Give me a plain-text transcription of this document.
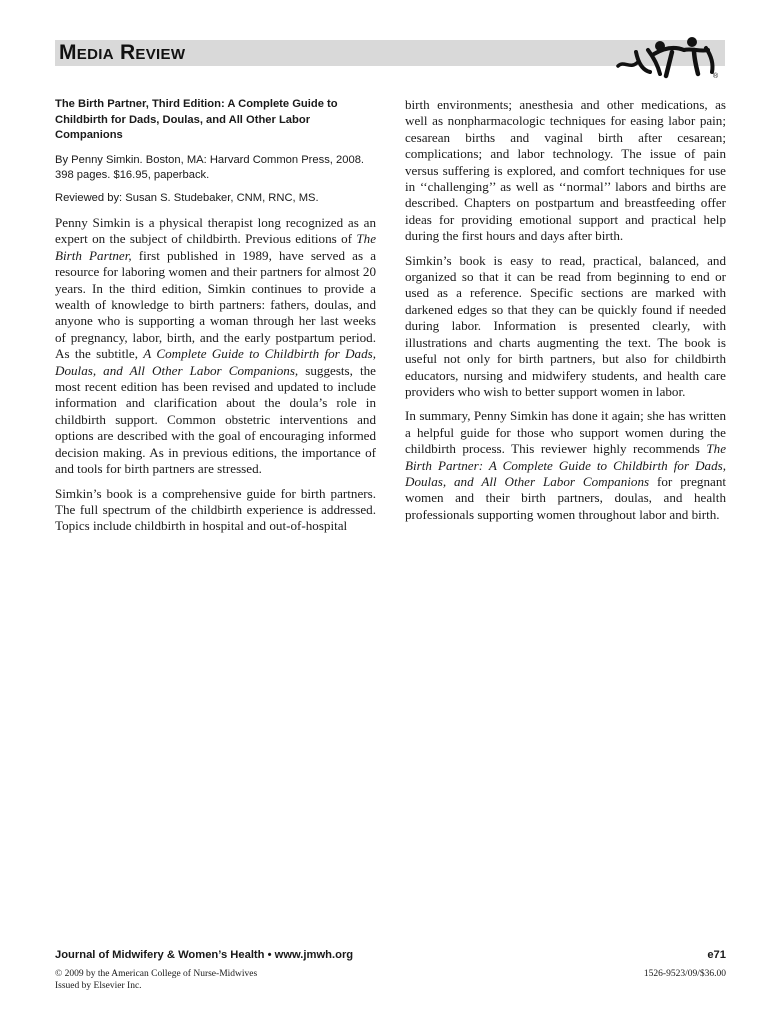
Media Review
®
The Birth Partner, Third Edition: A Complete Guide to Childbirth for Dads, Doulas, and All Other Labor Companions
By Penny Simkin. Boston, MA: Harvard Common Press, 2008. 398 pages. $16.95, paperback.
Reviewed by: Susan S. Studebaker, CNM, RNC, MS.

Penny Simkin is a physical therapist long recognized as an expert on the subject of childbirth. Previous editions of The Birth Partner, first published in 1989, have served as a resource for laboring women and their partners for almost 20 years. In the third edition, Simkin continues to provide a wealth of knowledge to birth partners: fathers, doulas, and anyone who is supporting a woman through her last weeks of pregnancy, labor, birth, and the early postpartum period. As the subtitle, A Complete Guide to Childbirth for Dads, Doulas, and All Other Labor Companions, suggests, the most recent edition has been revised and updated to include information and clarification about the doula’s role in childbirth support. Common obstetric interventions and options are described with the goal of encouraging informed decision making. As in previous editions, the importance of and tools for birth partners are stressed.

Simkin’s book is a comprehensive guide for birth partners. The full spectrum of the childbirth experience is addressed. Topics include childbirth in hospital and out-of-hospital

birth environments; anesthesia and other medications, as well as nonpharmacologic techniques for easing labor pain; cesarean births and vaginal birth after cesarean; complications; and labor technology. The issue of pain versus suffering is explored, and comfort techniques for use in ‘‘challenging’’ as well as ‘‘normal’’ labors and births are described. Chapters on postpartum and breastfeeding offer ideas for providing emotional support and practical help during the first hours and days after birth.

Simkin’s book is easy to read, practical, balanced, and organized so that it can be read from beginning to end or used as a reference. Specific sections are marked with darkened edges so that they can be quickly found if needed during labor. Information is presented clearly, with illustrations and charts augmenting the text. The book is useful not only for birth partners, but also for childbirth educators, nursing and midwifery students, and health care providers who wish to better support women in labor.

In summary, Penny Simkin has done it again; she has written a helpful guide for those who support women during the childbirth process. This reviewer highly recommends The Birth Partner: A Complete Guide to Childbirth for Dads, Doulas, and All Other Labor Companions for pregnant women and their birth partners, doulas, and health professionals supporting women throughout labor and birth.

Journal of Midwifery & Women’s Health • www.jmwh.org	e71
© 2009 by the American College of Nurse-Midwives
Issued by Elsevier Inc.
1526-9523/09/$36.00
